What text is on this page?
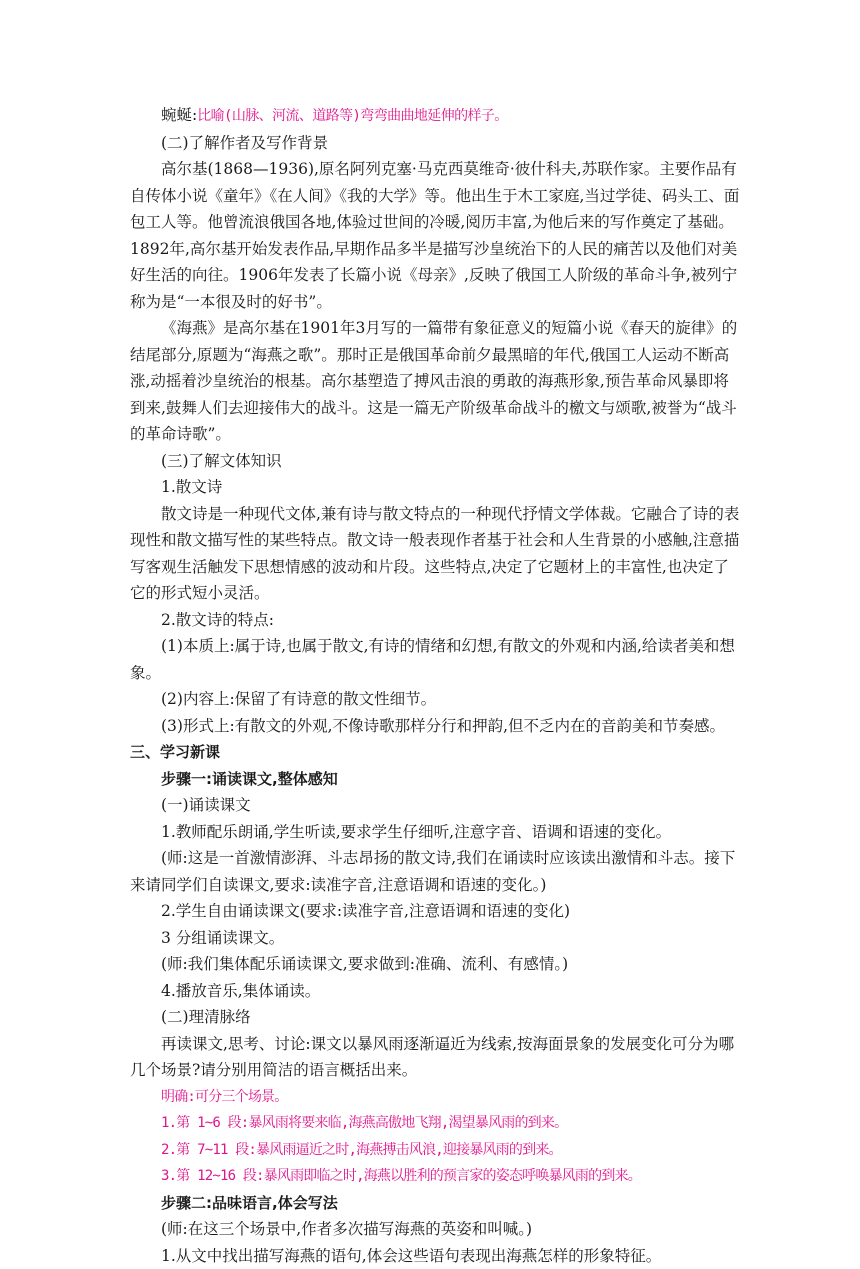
蜿蜒:比喻(山脉、河流、道路等)弯弯曲曲地延伸的样子。

(二)了解作者及写作背景

高尔基(1868—1936),原名阿列克塞·马克西莫维奇·彼什科夫,苏联作家。主要作品有自传体小说《童年》《在人间》《我的大学》等。他出生于木工家庭,当过学徒、码头工、面包工人等。他曾流浪俄国各地,体验过世间的冷暖,阅历丰富,为他后来的写作奠定了基础。1892年,高尔基开始发表作品,早期作品多半是描写沙皇统治下的人民的痛苦以及他们对美好生活的向往。1906年发表了长篇小说《母亲》,反映了俄国工人阶级的革命斗争,被列宁称为是“一本很及时的好书”。

《海燕》是高尔基在1901年3月写的一篇带有象征意义的短篇小说《春天的旋律》的结尾部分,原题为“海燕之歌”。那时正是俄国革命前夕最黑暗的年代,俄国工人运动不断高涨,动摇着沙皇统治的根基。高尔基塑造了搏风击浪的勇敢的海燕形象,预告革命风暴即将到来,鼓舞人们去迎接伟大的战斗。这是一篇无产阶级革命战斗的檄文与颂歌,被誉为“战斗的革命诗歌”。

(三)了解文体知识

1.散文诗

散文诗是一种现代文体,兼有诗与散文特点的一种现代抒情文学体裁。它融合了诗的表现性和散文描写性的某些特点。散文诗一般表现作者基于社会和人生背景的小感触,注意描写客观生活触发下思想情感的波动和片段。这些特点,决定了它题材上的丰富性,也决定了它的形式短小灵活。

2.散文诗的特点:

(1)本质上:属于诗,也属于散文,有诗的情绪和幻想,有散文的外观和内涵,给读者美和想象。

(2)内容上:保留了有诗意的散文性细节。

(3)形式上:有散文的外观,不像诗歌那样分行和押韵,但不乏内在的音韵美和节奏感。

三、学习新课

步骤一:诵读课文,整体感知

(一)诵读课文

1.教师配乐朗诵,学生听读,要求学生仔细听,注意字音、语调和语速的变化。

(师:这是一首激情澎湃、斗志昂扬的散文诗,我们在诵读时应该读出激情和斗志。接下来请同学们自读课文,要求:读准字音,注意语调和语速的变化。)

2.学生自由诵读课文(要求:读准字音,注意语调和语速的变化)

3 分组诵读课文。

(师:我们集体配乐诵读课文,要求做到:准确、流利、有感情。)

4.播放音乐,集体诵读。

(二)理清脉络

再读课文,思考、讨论:课文以暴风雨逐渐逼近为线索,按海面景象的发展变化可分为哪几个场景?请分别用简洁的语言概括出来。

明确:可分三个场景。

1.第 1~6 段:暴风雨将要来临,海燕高傲地飞翔,渴望暴风雨的到来。

2.第 7~11 段:暴风雨逼近之时,海燕搏击风浪,迎接暴风雨的到来。

3.第 12~16 段:暴风雨即临之时,海燕以胜利的预言家的姿态呼唤暴风雨的到来。

步骤二:品味语言,体会写法

(师:在这三个场景中,作者多次描写海燕的英姿和叫喊。)

1.从文中找出描写海燕的语句,体会这些语句表现出海燕怎样的形象特征。
